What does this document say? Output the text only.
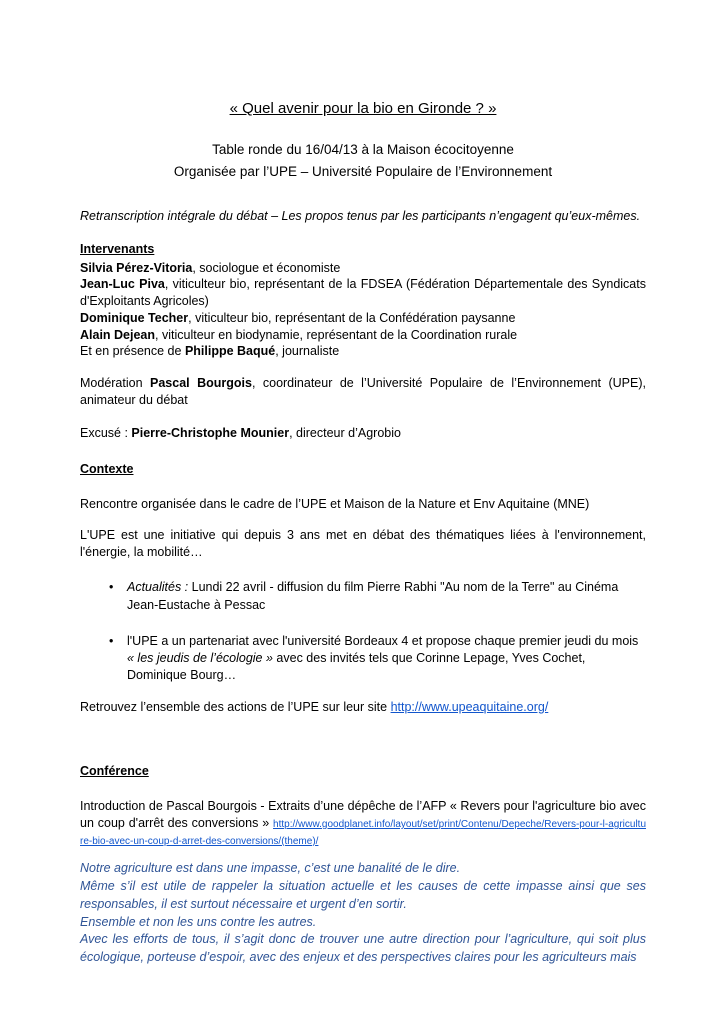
« Quel avenir pour la bio en Gironde ? »
Table ronde du 16/04/13 à la Maison écocitoyenne
Organisée par l’UPE – Université Populaire de l’Environnement

Retranscription intégrale du débat – Les propos tenus par les participants n’engagent qu’eux-mêmes.

Intervenants

Silvia Pérez-Vitoria, sociologue et économiste

Jean-Luc Piva, viticulteur bio, représentant de la FDSEA (Fédération Départementale des Syndicats d'Exploitants Agricoles)

Dominique Techer, viticulteur bio, représentant de la Confédération paysanne

Alain Dejean, viticulteur en biodynamie, représentant de la Coordination rurale

Et en présence de Philippe Baqué, journaliste

Modération Pascal Bourgois, coordinateur de l’Université Populaire de l’Environnement (UPE), animateur du débat

Excusé : Pierre-Christophe Mounier, directeur d’Agrobio

Contexte

Rencontre organisée dans le cadre de l’UPE et Maison de la Nature et Env Aquitaine (MNE)

L'UPE est une initiative qui depuis 3 ans met en débat des thématiques liées à l'environnement, l'énergie, la mobilité…

•	Actualités : Lundi 22 avril - diffusion du film Pierre Rabhi "Au nom de la Terre" au Cinéma Jean-Eustache à Pessac
•	l'UPE a un partenariat avec l'université Bordeaux 4 et propose chaque premier jeudi du mois « les jeudis de l’écologie » avec des invités tels que Corinne Lepage, Yves Cochet, Dominique Bourg…

Retrouvez l’ensemble des actions de l’UPE sur leur site http://www.upeaquitaine.org/

Conférence

Introduction de Pascal Bourgois - Extraits d’une dépêche de l’AFP « Revers pour l'agriculture bio avec un coup d'arrêt des conversions » http://www.goodplanet.info/layout/set/print/Contenu/Depeche/Revers-pour-l-agriculture-bio-avec-un-coup-d-arret-des-conversions/(theme)/

Notre agriculture est dans une impasse, c’est une banalité de le dire.

Même s’il est utile de rappeler la situation actuelle et les causes de cette impasse ainsi que ses responsables, il est surtout nécessaire et urgent d’en sortir.

Ensemble et non les uns contre les autres.

Avec les efforts de tous, il s’agit donc de trouver une autre direction pour l’agriculture, qui soit plus écologique, porteuse d’espoir, avec des enjeux et des perspectives claires pour les agriculteurs mais
